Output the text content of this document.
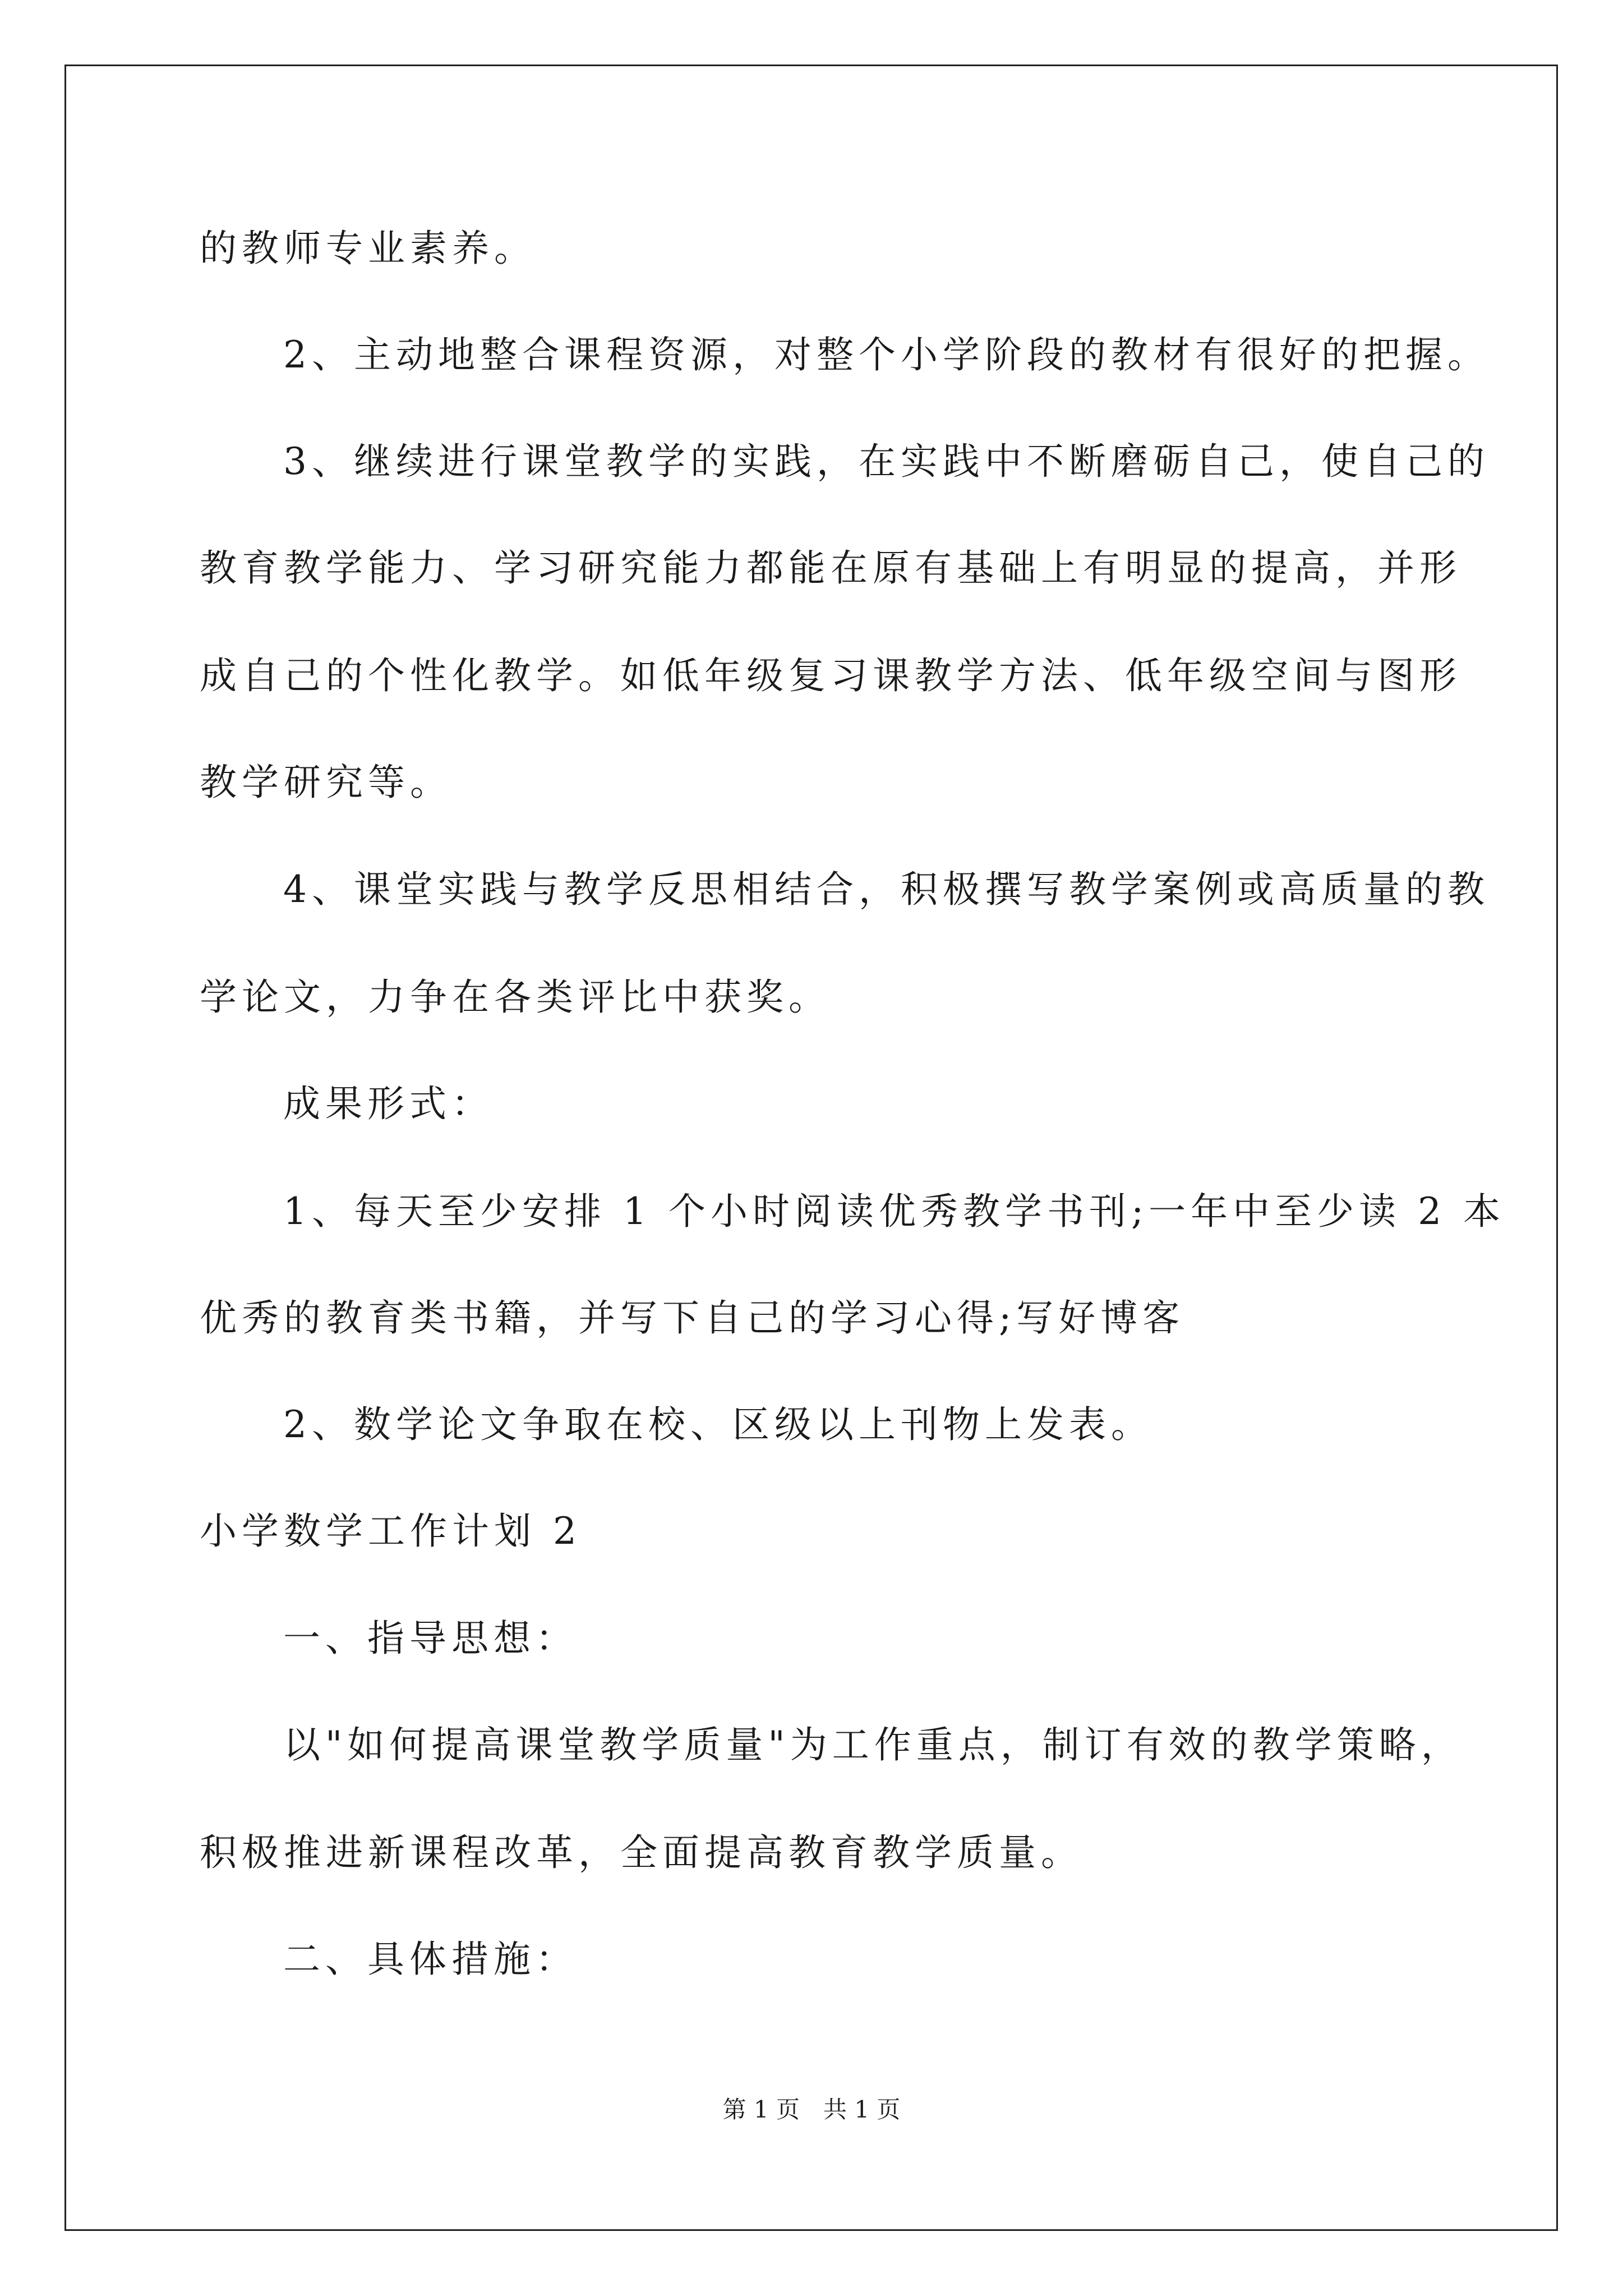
的教师专业素养。
2、主动地整合课程资源，对整个小学阶段的教材有很好的把握。
3、继续进行课堂教学的实践，在实践中不断磨砺自己，使自己的
教育教学能力、学习研究能力都能在原有基础上有明显的提高，并形
成自己的个性化教学。如低年级复习课教学方法、低年级空间与图形
教学研究等。
4、课堂实践与教学反思相结合，积极撰写教学案例或高质量的教
学论文，力争在各类评比中获奖。
成果形式：
1、每天至少安排 1 个小时阅读优秀教学书刊;一年中至少读 2 本
优秀的教育类书籍，并写下自己的学习心得;写好博客
2、数学论文争取在校、区级以上刊物上发表。
小学数学工作计划 2
一、指导思想：
以"如何提高课堂教学质量"为工作重点，制订有效的教学策略，
积极推进新课程改革，全面提高教育教学质量。
二、具体措施：
第 1 页　共 1 页
